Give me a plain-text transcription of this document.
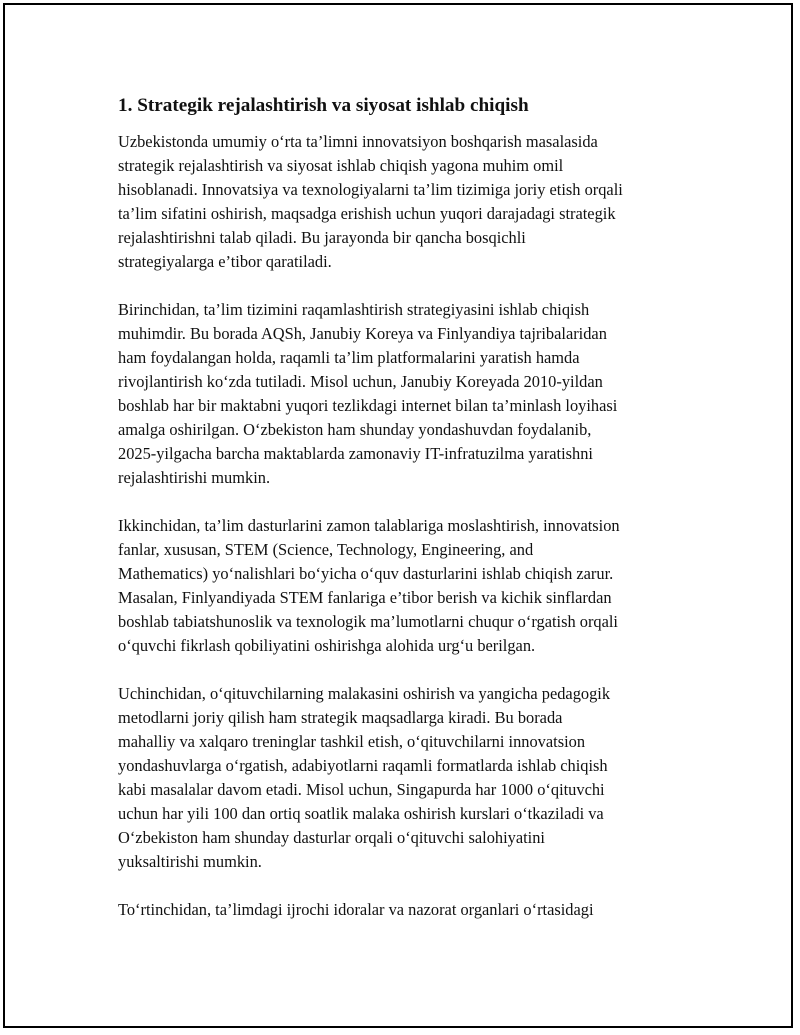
1. Strategik rejalashtirish va siyosat ishlab chiqish
Uzbekistonda umumiy o‘rta ta’limni innovatsiyon boshqarish masalasida
strategik rejalashtirish va siyosat ishlab chiqish yagona muhim omil
hisoblanadi. Innovatsiya va texnologiyalarni ta’lim tizimiga joriy etish orqali
ta’lim sifatini oshirish, maqsadga erishish uchun yuqori darajadagi strategik
rejalashtirishni talab qiladi. Bu jarayonda bir qancha bosqichli
strategiyalarga e’tibor qaratiladi.
Birinchidan, ta’lim tizimini raqamlashtirish strategiyasini ishlab chiqish
muhimdir. Bu borada AQSh, Janubiy Koreya va Finlyandiya tajribalaridan
ham foydalangan holda, raqamli ta’lim platformalarini yaratish hamda
rivojlantirish ko‘zda tutiladi. Misol uchun, Janubiy Koreyada 2010-yildan
boshlab har bir maktabni yuqori tezlikdagi internet bilan ta’minlash loyihasi
amalga oshirilgan. O‘zbekiston ham shunday yondashuvdan foydalanib,
2025-yilgacha barcha maktablarda zamonaviy IT-infratuzilma yaratishni
rejalashtirishi mumkin.
Ikkinchidan, ta’lim dasturlarini zamon talablariga moslashtirish, innovatsion
fanlar, xususan, STEM (Science, Technology, Engineering, and
Mathematics) yo‘nalishlari bo‘yicha o‘quv dasturlarini ishlab chiqish zarur.
Masalan, Finlyandiyada STEM fanlariga e’tibor berish va kichik sinflardan
boshlab tabiatshunoslik va texnologik ma’lumotlarni chuqur o‘rgatish orqali
o‘quvchi fikrlash qobiliyatini oshirishga alohida urg‘u berilgan.
Uchinchidan, o‘qituvchilarning malakasini oshirish va yangicha pedagogik
metodlarni joriy qilish ham strategik maqsadlarga kiradi. Bu borada
mahalliy va xalqaro treninglar tashkil etish, o‘qituvchilarni innovatsion
yondashuvlarga o‘rgatish, adabiyotlarni raqamli formatlarda ishlab chiqish
kabi masalalar davom etadi. Misol uchun, Singapurda har 1000 o‘qituvchi
uchun har yili 100 dan ortiq soatlik malaka oshirish kurslari o‘tkaziladi va
O‘zbekiston ham shunday dasturlar orqali o‘qituvchi salohiyatini
yuksaltirishi mumkin.
To‘rtinchidan, ta’limdagi ijrochi idoralar va nazorat organlari o‘rtasidagi
